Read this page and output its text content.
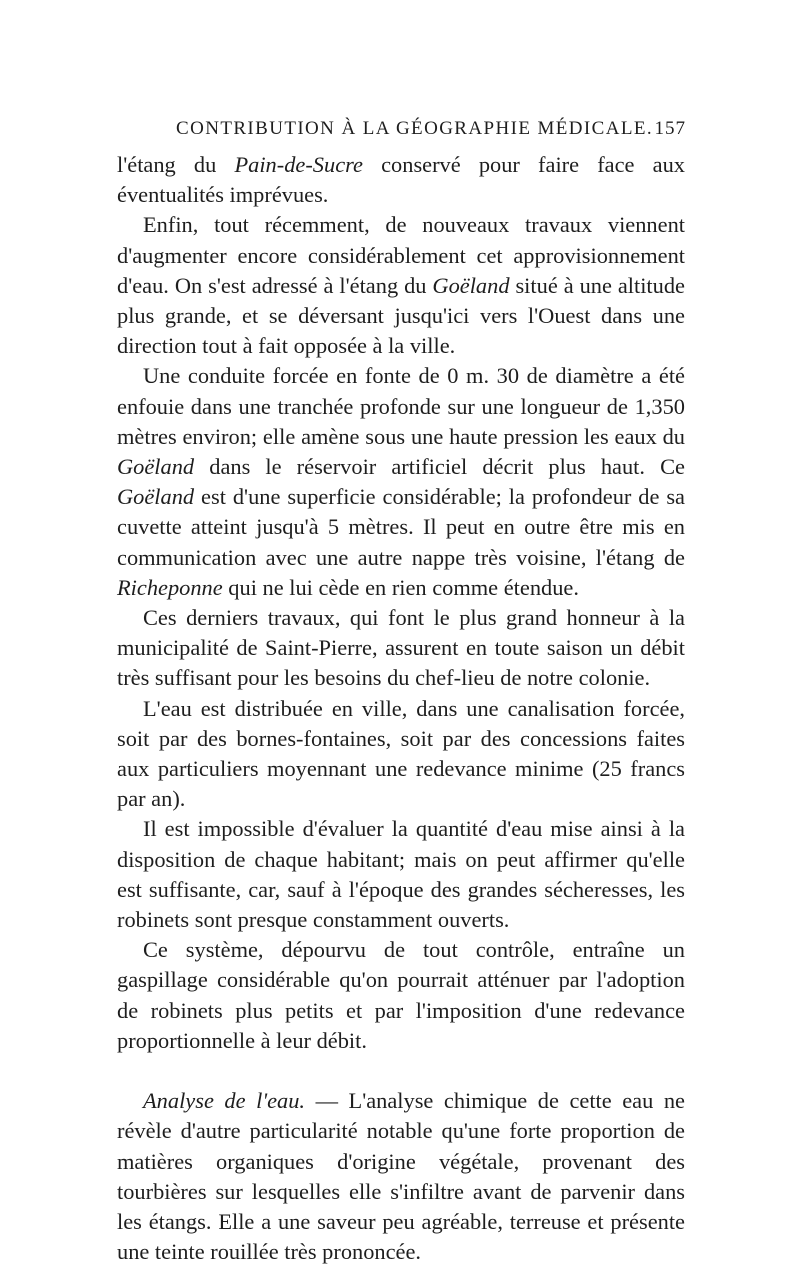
CONTRIBUTION À LA GÉOGRAPHIE MÉDICALE. 157

l'étang du Pain-de-Sucre conservé pour faire face aux éventualités imprévues.

Enfin, tout récemment, de nouveaux travaux viennent d'augmenter encore considérablement cet approvisionnement d'eau. On s'est adressé à l'étang du Goëland situé à une altitude plus grande, et se déversant jusqu'ici vers l'Ouest dans une direction tout à fait opposée à la ville.

Une conduite forcée en fonte de 0 m. 30 de diamètre a été enfouie dans une tranchée profonde sur une longueur de 1,350 mètres environ; elle amène sous une haute pression les eaux du Goëland dans le réservoir artificiel décrit plus haut. Ce Goëland est d'une superficie considérable; la profondeur de sa cuvette atteint jusqu'à 5 mètres. Il peut en outre être mis en communication avec une autre nappe très voisine, l'étang de Richeponne qui ne lui cède en rien comme étendue.

Ces derniers travaux, qui font le plus grand honneur à la municipalité de Saint-Pierre, assurent en toute saison un débit très suffisant pour les besoins du chef-lieu de notre colonie.

L'eau est distribuée en ville, dans une canalisation forcée, soit par des bornes-fontaines, soit par des concessions faites aux particuliers moyennant une redevance minime (25 francs par an).

Il est impossible d'évaluer la quantité d'eau mise ainsi à la disposition de chaque habitant; mais on peut affirmer qu'elle est suffisante, car, sauf à l'époque des grandes sécheresses, les robinets sont presque constamment ouverts.

Ce système, dépourvu de tout contrôle, entraîne un gaspillage considérable qu'on pourrait atténuer par l'adoption de robinets plus petits et par l'imposition d'une redevance proportionnelle à leur débit.

Analyse de l'eau. — L'analyse chimique de cette eau ne révèle d'autre particularité notable qu'une forte proportion de matières organiques d'origine végétale, provenant des tourbières sur lesquelles elle s'infiltre avant de parvenir dans les étangs. Elle a une saveur peu agréable, terreuse et présente une teinte rouillée très prononcée.
